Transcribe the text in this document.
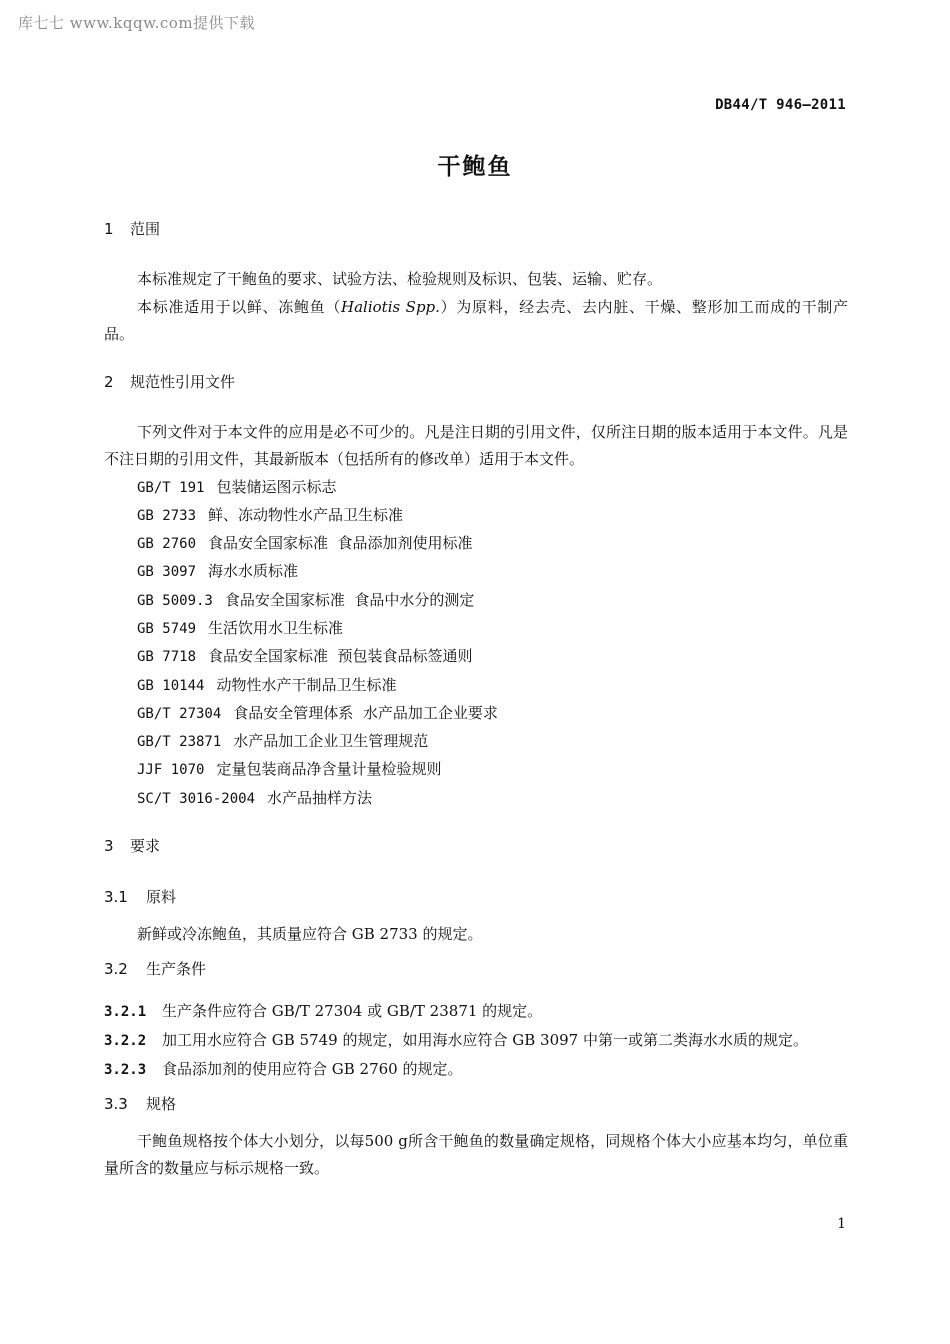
库七七 www.kqqw.com提供下载
DB44/T 946—2011
干鲍鱼
1 范围

本标准规定了干鲍鱼的要求、试验方法、检验规则及标识、包装、运输、贮存。

本标准适用于以鲜、冻鲍鱼（Haliotis Spp.）为原料，经去壳、去内脏、干燥、整形加工而成的干制产品。

2 规范性引用文件

下列文件对于本文件的应用是必不可少的。凡是注日期的引用文件，仅所注日期的版本适用于本文件。凡是不注日期的引用文件，其最新版本（包括所有的修改单）适用于本文件。

GB/T 191 包装储运图示标志
GB 2733 鲜、冻动物性水产品卫生标准
GB 2760 食品安全国家标准  食品添加剂使用标准
GB 3097 海水水质标准
GB 5009.3 食品安全国家标准  食品中水分的测定
GB 5749 生活饮用水卫生标准
GB 7718 食品安全国家标准  预包装食品标签通则
GB 10144 动物性水产干制品卫生标准
GB/T 27304 食品安全管理体系  水产品加工企业要求
GB/T 23871 水产品加工企业卫生管理规范
JJF 1070 定量包装商品净含量计量检验规则
SC/T 3016-2004 水产品抽样方法
3 要求
3.1 原料

新鲜或冷冻鲍鱼，其质量应符合 GB 2733 的规定。

3.2 生产条件
3.2.1 生产条件应符合 GB/T 27304 或 GB/T 23871 的规定。
3.2.2 加工用水应符合 GB 5749 的规定，如用海水应符合 GB 3097 中第一或第二类海水水质的规定。
3.2.3 食品添加剂的使用应符合 GB 2760 的规定。
3.3 规格

干鲍鱼规格按个体大小划分，以每500 g所含干鲍鱼的数量确定规格，同规格个体大小应基本均匀，单位重量所含的数量应与标示规格一致。

1
